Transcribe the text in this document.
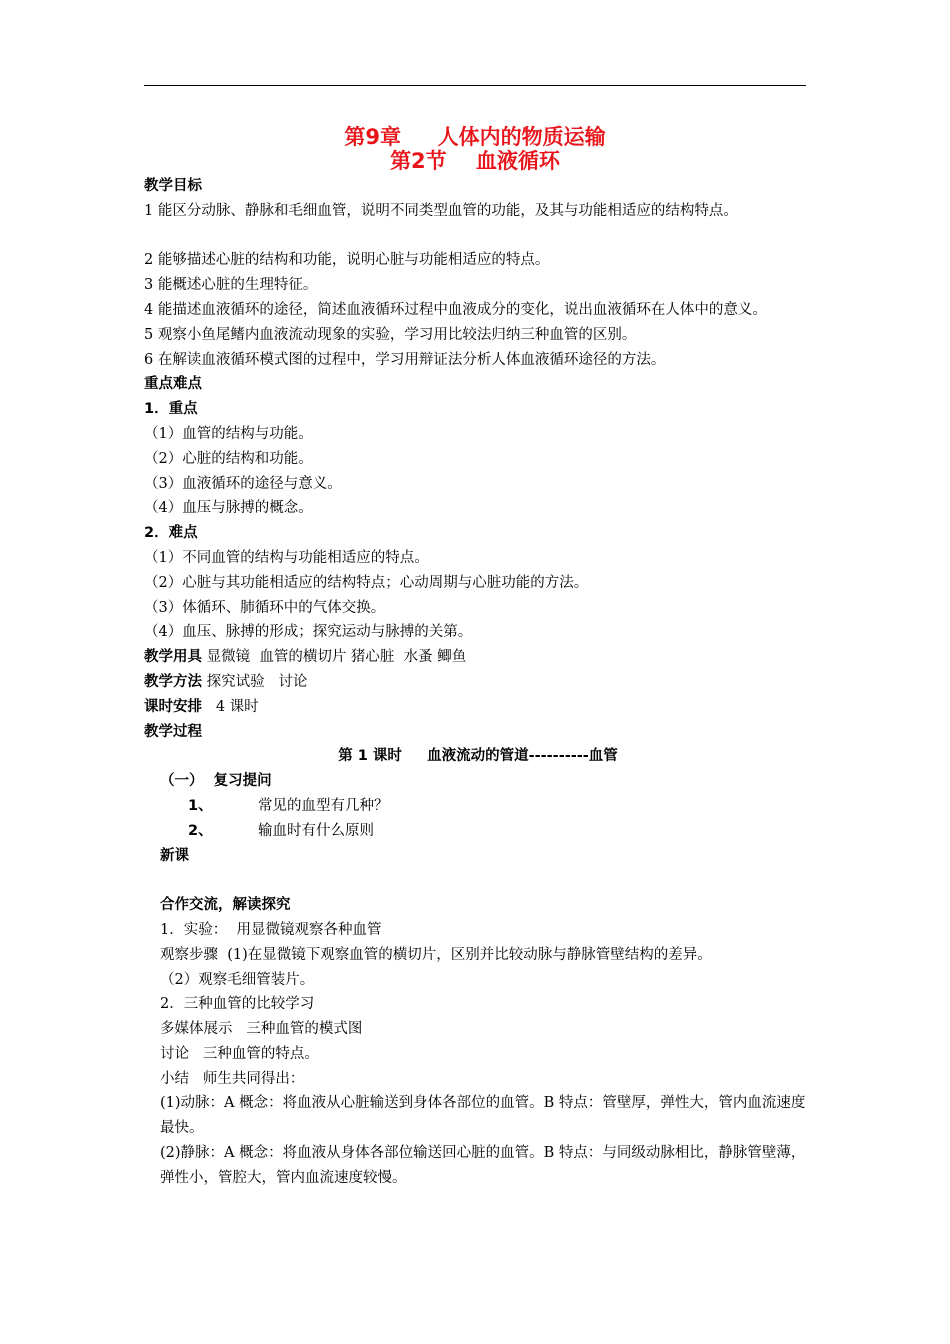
第9章     人体内的物质运输
第2节    血液循环
教学目标
1 能区分动脉、静脉和毛细血管，说明不同类型血管的功能，及其与功能相适应的结构特点。
2 能够描述心脏的结构和功能，说明心脏与功能相适应的特点。
3 能概述心脏的生理特征。
4 能描述血液循环的途径，简述血液循环过程中血液成分的变化，说出血液循环在人体中的意义。
5 观察小鱼尾鳍内血液流动现象的实验，学习用比较法归纳三种血管的区别。
6 在解读血液循环模式图的过程中，学习用辩证法分析人体血液循环途径的方法。
重点难点
1．重点
（1）血管的结构与功能。
（2）心脏的结构和功能。
（3）血液循环的途径与意义。
（4）血压与脉搏的概念。
2．难点
（1）不同血管的结构与功能相适应的特点。
（2）心脏与其功能相适应的结构特点；心动周期与心脏功能的方法。
（3）体循环、肺循环中的气体交换。
（4）血压、脉搏的形成；探究运动与脉搏的关第。
教学用具 显微镜  血管的横切片 猪心脏  水蚤 鲫鱼
教学方法 探究试验   讨论
课时安排   4 课时
教学过程
第 1 课时     血液流动的管道----------血管
（一）  复习提问
1、	常见的血型有几种？
2、	输血时有什么原则
新课
合作交流，解读探究
1．实验：  用显微镜观察各种血管
观察步骤  (1)在显微镜下观察血管的横切片，区别并比较动脉与静脉管壁结构的差异。
（2）观察毛细管装片。
2．三种血管的比较学习
多媒体展示   三种血管的模式图
讨论   三种血管的特点。
小结   师生共同得出：
(1)动脉：A 概念：将血液从心脏输送到身体各部位的血管。B 特点：管壁厚，弹性大，管内血流速度最快。
(2)静脉：A 概念：将血液从身体各部位输送回心脏的血管。B 特点：与同级动脉相比，静脉管壁薄，弹性小，管腔大，管内血流速度较慢。
